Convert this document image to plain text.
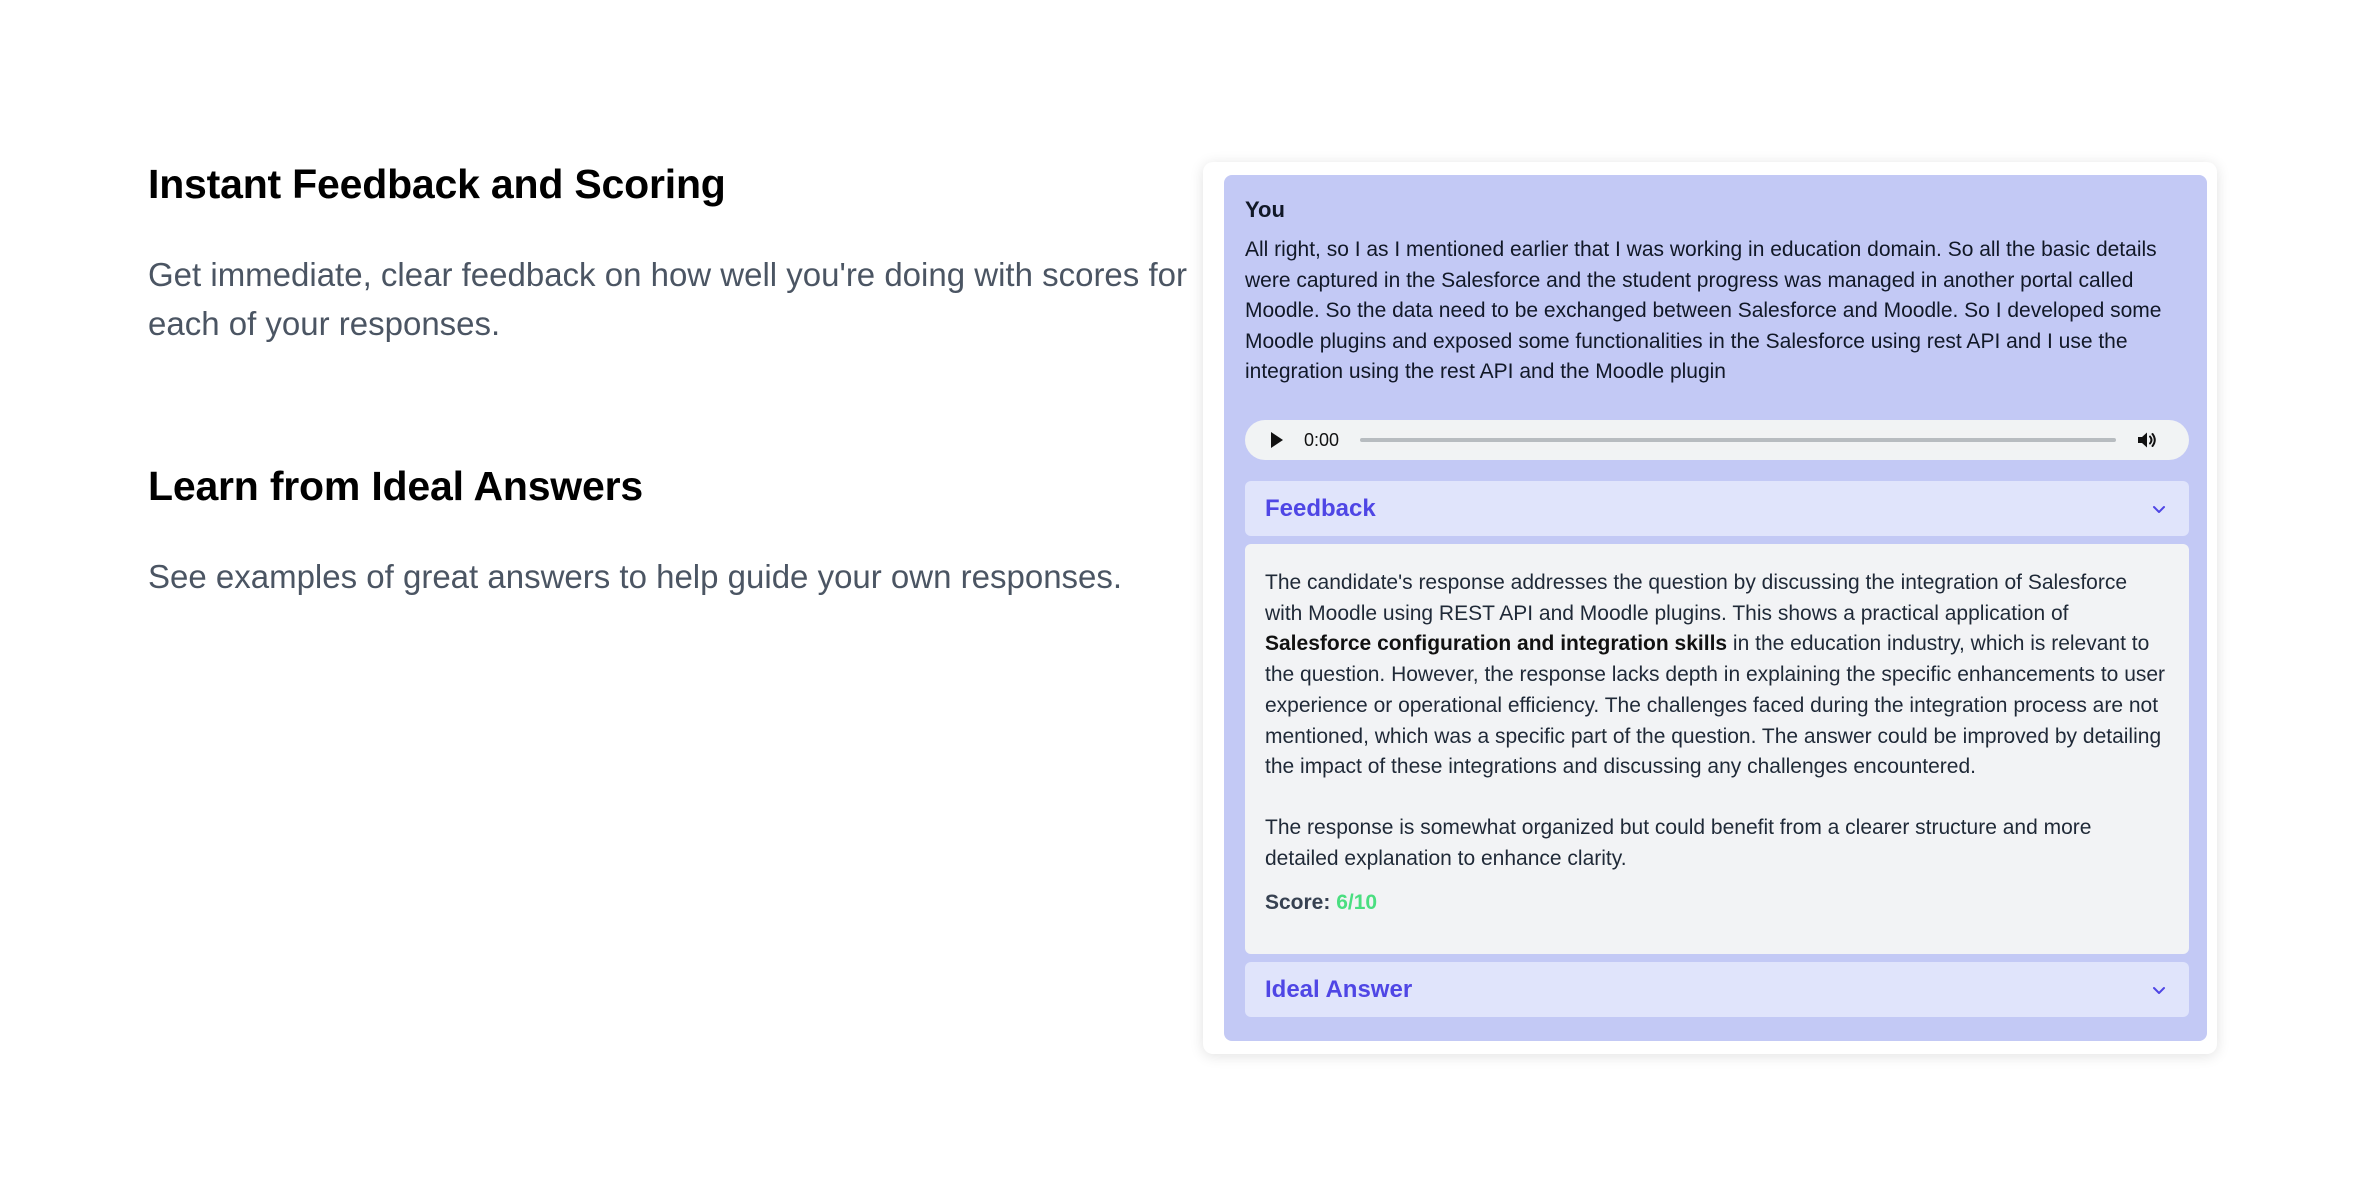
Instant Feedback and Scoring

Get immediate, clear feedback on how well you're doing with scores for each of your responses.

Learn from Ideal Answers

See examples of great answers to help guide your own responses.

You

All right, so I as I mentioned earlier that I was working in education domain. So all the basic details were captured in the Salesforce and the student progress was managed in another portal called Moodle. So the data need to be exchanged between Salesforce and Moodle. So I developed some Moodle plugins and exposed some functionalities in the Salesforce using rest API and I use the integration using the rest API and the Moodle plugin

0:00
Feedback

The candidate's response addresses the question by discussing the integration of Salesforce with Moodle using REST API and Moodle plugins. This shows a practical application of Salesforce configuration and integration skills in the education industry, which is relevant to the question. However, the response lacks depth in explaining the specific enhancements to user experience or operational efficiency. The challenges faced during the integration process are not mentioned, which was a specific part of the question. The answer could be improved by detailing the impact of these integrations and discussing any challenges encountered.

The response is somewhat organized but could benefit from a clearer structure and more detailed explanation to enhance clarity.

Score: 6/10
Ideal Answer
